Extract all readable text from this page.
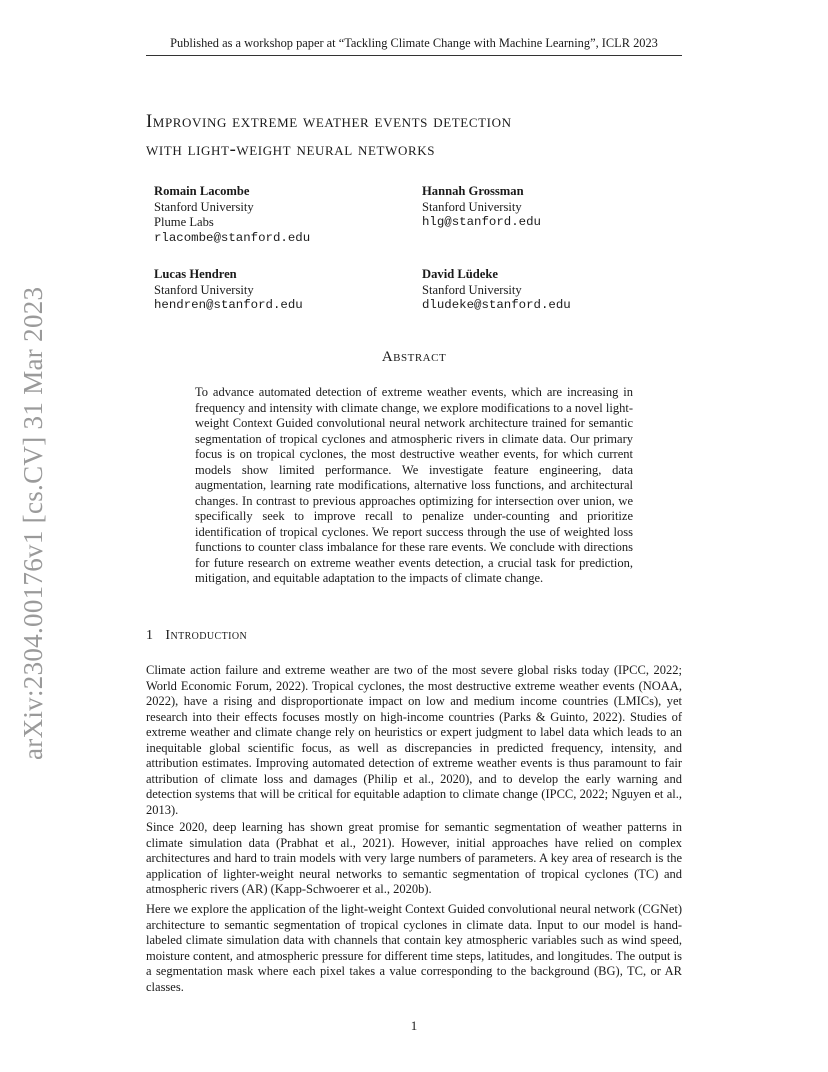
Published as a workshop paper at “Tackling Climate Change with Machine Learning”, ICLR 2023
arXiv:2304.00176v1 [cs.CV] 31 Mar 2023
Improving extreme weather events detection
with light-weight neural networks
Romain Lacombe
Stanford University
Plume Labs
rlacombe@stanford.edu
Hannah Grossman
Stanford University
hlg@stanford.edu
Lucas Hendren
Stanford University
hendren@stanford.edu
David Lüdeke
Stanford University
dludeke@stanford.edu
Abstract
To advance automated detection of extreme weather events, which are increasing in frequency and intensity with climate change, we explore modifications to a novel light-weight Context Guided convolutional neural network architecture trained for semantic segmentation of tropical cyclones and atmospheric rivers in climate data. Our primary focus is on tropical cyclones, the most destructive weather events, for which current models show limited performance. We investigate feature engineering, data augmentation, learning rate modifications, alternative loss functions, and architectural changes. In contrast to previous approaches optimizing for intersection over union, we specifically seek to improve recall to penalize under-counting and prioritize identification of tropical cyclones. We report success through the use of weighted loss functions to counter class imbalance for these rare events. We conclude with directions for future research on extreme weather events detection, a crucial task for prediction, mitigation, and equitable adaptation to the impacts of climate change.
1 Introduction
Climate action failure and extreme weather are two of the most severe global risks today (IPCC, 2022; World Economic Forum, 2022). Tropical cyclones, the most destructive extreme weather events (NOAA, 2022), have a rising and disproportionate impact on low and medium income countries (LMICs), yet research into their effects focuses mostly on high-income countries (Parks & Guinto, 2022). Studies of extreme weather and climate change rely on heuristics or expert judgment to label data which leads to an inequitable global scientific focus, as well as discrepancies in predicted frequency, intensity, and attribution estimates. Improving automated detection of extreme weather events is thus paramount to fair attribution of climate loss and damages (Philip et al., 2020), and to develop the early warning and detection systems that will be critical for equitable adaption to climate change (IPCC, 2022; Nguyen et al., 2013).
Since 2020, deep learning has shown great promise for semantic segmentation of weather patterns in climate simulation data (Prabhat et al., 2021). However, initial approaches have relied on complex architectures and hard to train models with very large numbers of parameters. A key area of research is the application of lighter-weight neural networks to semantic segmentation of tropical cyclones (TC) and atmospheric rivers (AR) (Kapp-Schwoerer et al., 2020b).
Here we explore the application of the light-weight Context Guided convolutional neural network (CGNet) architecture to semantic segmentation of tropical cyclones in climate data. Input to our model is hand-labeled climate simulation data with channels that contain key atmospheric variables such as wind speed, moisture content, and atmospheric pressure for different time steps, latitudes, and longitudes. The output is a segmentation mask where each pixel takes a value corresponding to the background (BG), TC, or AR classes.
1
